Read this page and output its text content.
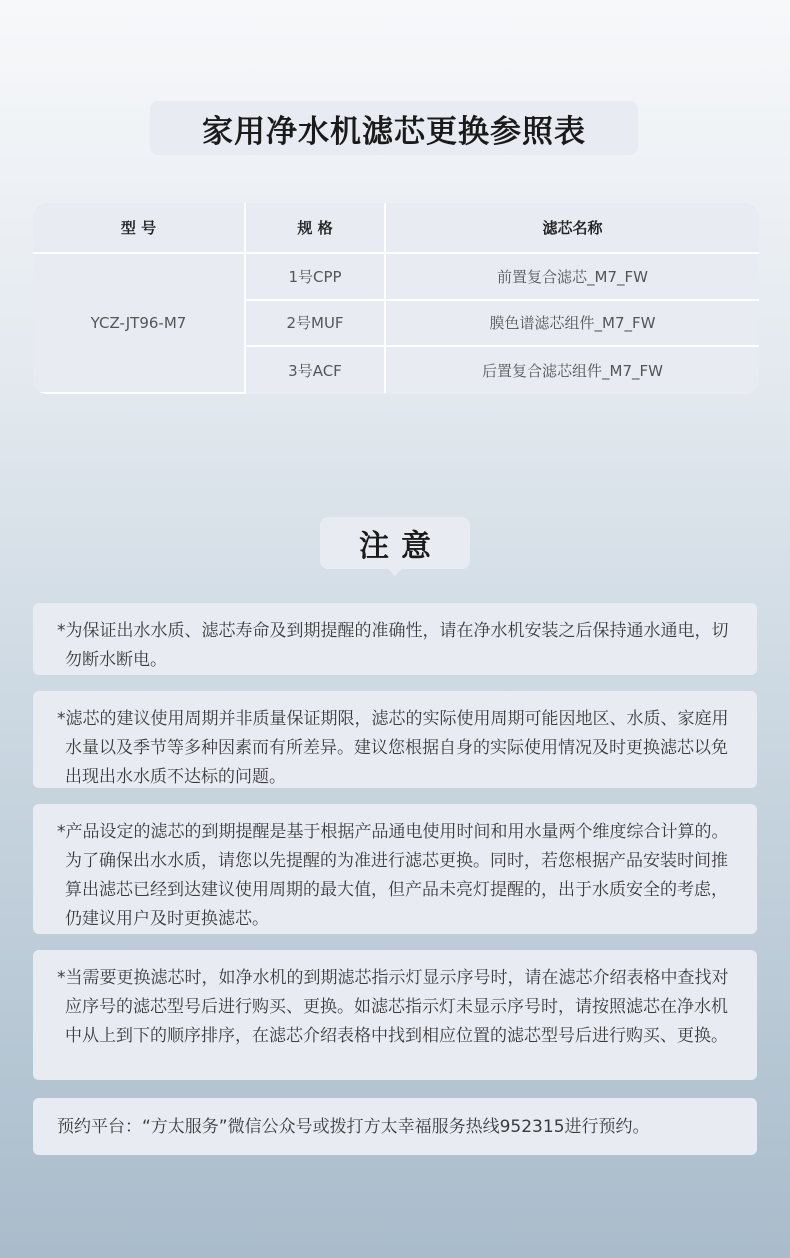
家用净水机滤芯更换参照表
型 号	规 格	滤芯名称
YCZ-JT96-M7	1号CPP	前置复合滤芯_M7_FW
	2号MUF	膜色谱滤芯组件_M7_FW
	3号ACF	后置复合滤芯组件_M7_FW
注意

*为保证出水水质、滤芯寿命及到期提醒的准确性，请在净水机安装之后保持通水通电，切勿断水断电。

*滤芯的建议使用周期并非质量保证期限，滤芯的实际使用周期可能因地区、水质、家庭用水量以及季节等多种因素而有所差异。建议您根据自身的实际使用情况及时更换滤芯以免出现出水水质不达标的问题。

*产品设定的滤芯的到期提醒是基于根据产品通电使用时间和用水量两个维度综合计算的。为了确保出水水质，请您以先提醒的为准进行滤芯更换。同时，若您根据产品安装时间推算出滤芯已经到达建议使用周期的最大值，但产品未亮灯提醒的，出于水质安全的考虑，仍建议用户及时更换滤芯。

*当需要更换滤芯时，如净水机的到期滤芯指示灯显示序号时，请在滤芯介绍表格中查找对应序号的滤芯型号后进行购买、更换。如滤芯指示灯未显示序号时，请按照滤芯在净水机中从上到下的顺序排序，在滤芯介绍表格中找到相应位置的滤芯型号后进行购买、更换。

预约平台：“方太服务”微信公众号或拨打方太幸福服务热线952315进行预约。
